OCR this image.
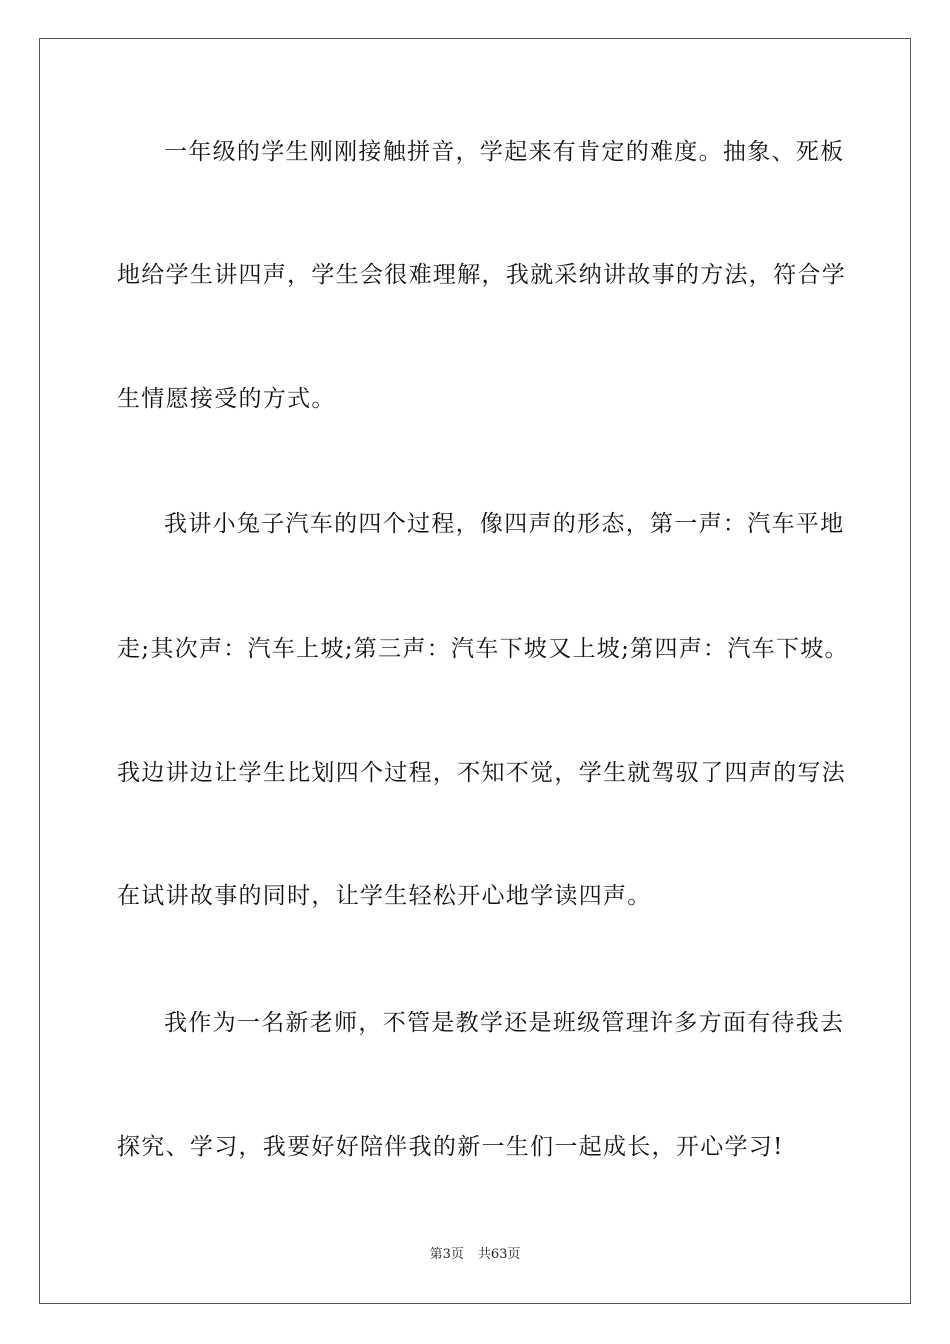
一年级的学生刚刚接触拼音，学起来有肯定的难度。抽象、死板
地给学生讲四声，学生会很难理解，我就采纳讲故事的方法，符合学
生情愿接受的方式。
我讲小兔子汽车的四个过程，像四声的形态，第一声：汽车平地
走;其次声：汽车上坡;第三声：汽车下坡又上坡;第四声：汽车下坡。
我边讲边让学生比划四个过程，不知不觉，学生就驾驭了四声的写法
在试讲故事的同时，让学生轻松开心地学读四声。
我作为一名新老师，不管是教学还是班级管理许多方面有待我去
探究、学习，我要好好陪伴我的新一生们一起成长，开心学习!
第3页 共63页
